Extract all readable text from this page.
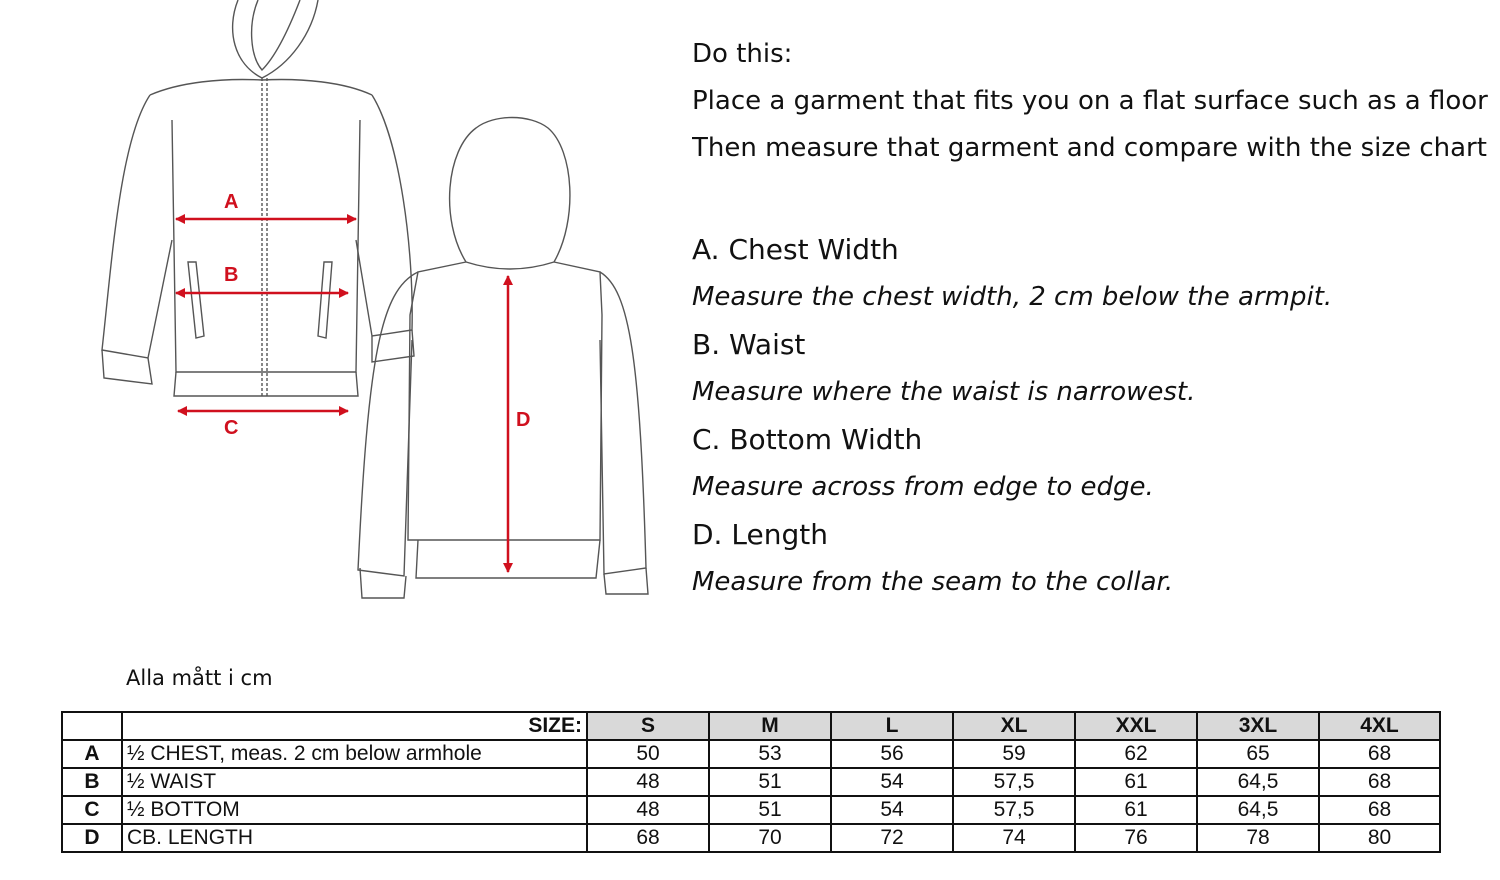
A
B
C	D

Do this:

Place a garment that fits you on a flat surface such as a floor

Then measure that garment and compare with the size chart

A. Chest Width

Measure the chest width, 2 cm below the armpit.

B. Waist

Measure where the waist is narrowest.

C. Bottom Width

Measure across from edge to edge.

D. Length

Measure from the seam to the collar.

Alla mått i cm
	SIZE:	S	M	L	XL	XXL	3XL	4XL
A	½ CHEST, meas. 2 cm below armhole	50	53	56	59	62	65	68
B	½ WAIST	48	51	54	57,5	61	64,5	68
C	½ BOTTOM	48	51	54	57,5	61	64,5	68
D	CB. LENGTH	68	70	72	74	76	78	80
